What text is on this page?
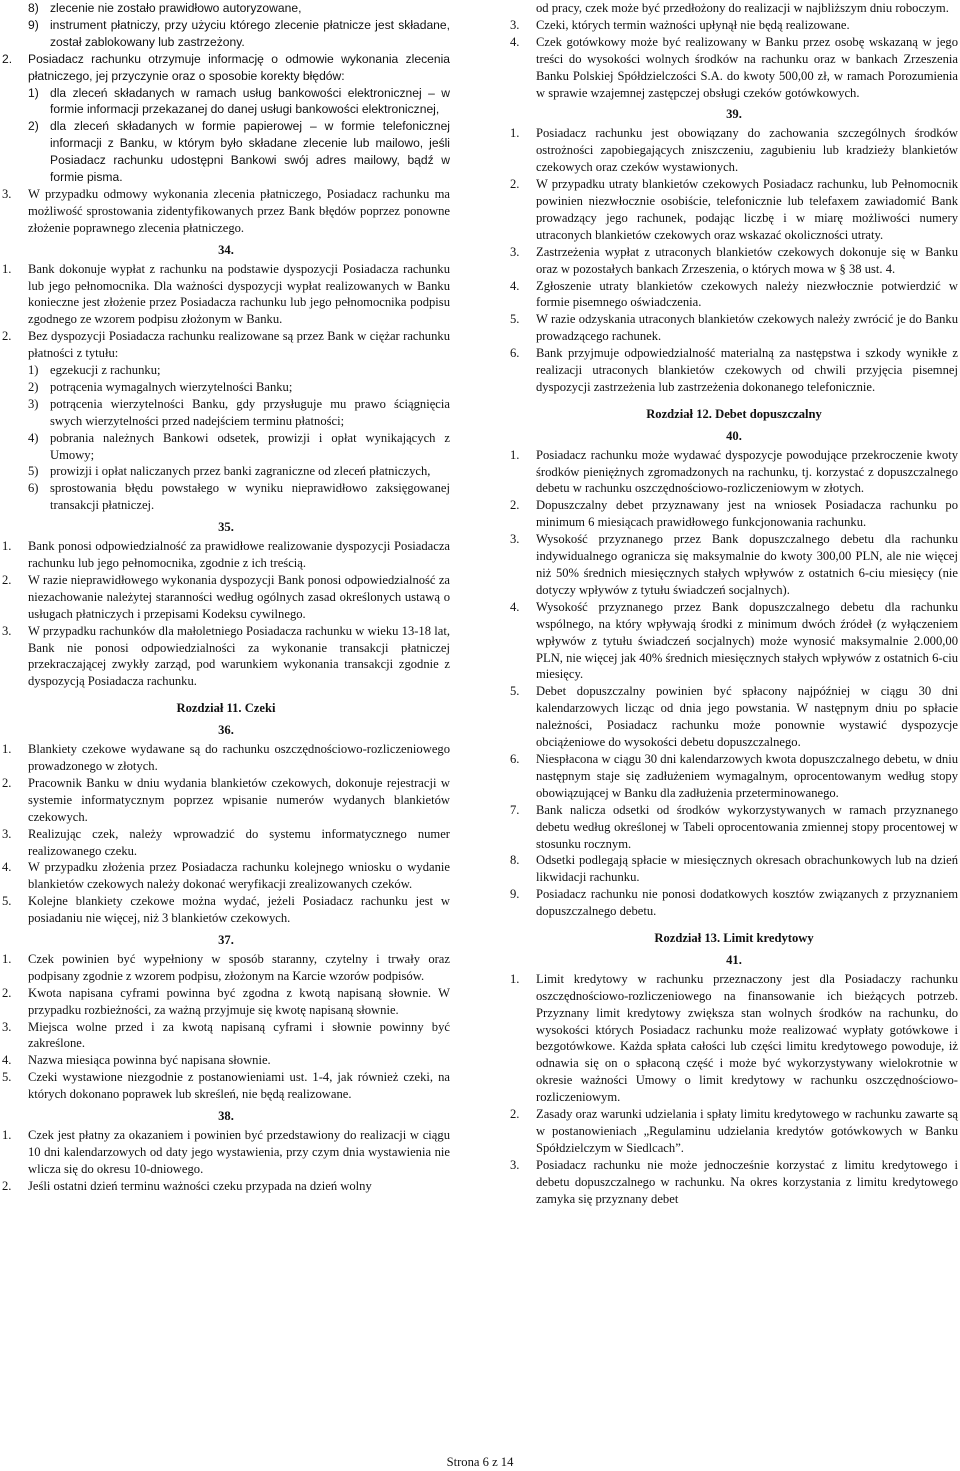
8) zlecenie nie zostało prawidłowo autoryzowane,
9) instrument płatniczy, przy użyciu którego zlecenie płatnicze jest składane, został zablokowany lub zastrzeżony.
2.	Posiadacz rachunku otrzymuje informację o odmowie wykonania zlecenia płatniczego, jej przyczynie oraz o sposobie korekty błędów:
1) dla zleceń składanych w ramach usług bankowości elektronicznej – w formie informacji przekazanej do danej usługi bankowości elektronicznej,
2) dla zleceń składanych w formie papierowej – w formie telefonicznej informacji z Banku, w którym było składane zlecenie lub mailowo, jeśli Posiadacz rachunku udostępni Bankowi swój adres mailowy, bądź w formie pisma.
3.	W przypadku odmowy wykonania zlecenia płatniczego, Posiadacz rachunku ma możliwość sprostowania zidentyfikowanych przez Bank błędów poprzez ponowne złożenie poprawnego zlecenia płatniczego.
34.
1.	Bank dokonuje wypłat z rachunku na podstawie dyspozycji Posiadacza rachunku lub jego pełnomocnika. Dla ważności dyspozycji wypłat realizowanych w Banku konieczne jest złożenie przez Posiadacza rachunku lub jego pełnomocnika podpisu zgodnego ze wzorem podpisu złożonym w Banku.
2.	Bez dyspozycji Posiadacza rachunku realizowane są przez Bank w ciężar rachunku płatności z tytułu:
1) egzekucji z rachunku;
2) potrącenia wymagalnych wierzytelności Banku;
3) potrącenia wierzytelności Banku, gdy przysługuje mu prawo ściągnięcia swych wierzytelności przed nadejściem terminu płatności;
4) pobrania należnych Bankowi odsetek, prowizji i opłat wynikających z Umowy;
5) prowizji i opłat naliczanych przez banki zagraniczne od zleceń płatniczych,
6) sprostowania błędu powstałego w wyniku nieprawidłowo zaksięgowanej transakcji płatniczej.
35.
1.	Bank ponosi odpowiedzialność za prawidłowe realizowanie dyspozycji Posiadacza rachunku lub jego pełnomocnika, zgodnie z ich treścią.
2.	W razie nieprawidłowego wykonania dyspozycji Bank ponosi odpowiedzialność za niezachowanie należytej staranności według ogólnych zasad określonych ustawą o usługach płatniczych i przepisami Kodeksu cywilnego.
3.	W przypadku rachunków dla małoletniego Posiadacza rachunku w wieku 13-18 lat, Bank nie ponosi odpowiedzialności za wykonanie transakcji płatniczej przekraczającej zwykły zarząd, pod warunkiem wykonania transakcji zgodnie z dyspozycją Posiadacza rachunku.
Rozdział 11. Czeki
36.
1.	Blankiety czekowe wydawane są do rachunku oszczędnościowo-rozliczeniowego prowadzonego w złotych.
2.	Pracownik Banku w dniu wydania blankietów czekowych, dokonuje rejestracji w systemie informatycznym poprzez wpisanie numerów wydanych blankietów czekowych.
3.	Realizując czek, należy wprowadzić do systemu informatycznego numer realizowanego czeku.
4.	W przypadku złożenia przez Posiadacza rachunku kolejnego wniosku o wydanie blankietów czekowych należy dokonać weryfikacji zrealizowanych czeków.
5.	Kolejne blankiety czekowe można wydać, jeżeli Posiadacz rachunku jest w posiadaniu nie więcej, niż 3 blankietów czekowych.
37.
1.	Czek powinien być wypełniony w sposób staranny, czytelny i trwały oraz podpisany zgodnie z wzorem podpisu, złożonym na Karcie wzorów podpisów.
2.	Kwota napisana cyframi powinna być zgodna z kwotą napisaną słownie. W przypadku rozbieżności, za ważną przyjmuje się kwotę napisaną słownie.
3.	Miejsca wolne przed i za kwotą napisaną cyframi i słownie powinny być zakreślone.
4.	Nazwa miesiąca powinna być napisana słownie.
5.	Czeki wystawione niezgodnie z postanowieniami ust. 1-4, jak również czeki, na których dokonano poprawek lub skreśleń, nie będą realizowane.
38.
1.	Czek jest płatny za okazaniem i powinien być przedstawiony do realizacji w ciągu 10 dni kalendarzowych od daty jego wystawienia, przy czym dnia wystawienia nie wlicza się do okresu 10-dniowego.
2.	Jeśli ostatni dzień terminu ważności czeku przypada na dzień wolny
od pracy, czek może być przedłożony do realizacji w najbliższym dniu roboczym.
3.	Czeki, których termin ważności upłynął nie będą realizowane.
4.	Czek gotówkowy może być realizowany w Banku przez osobę wskazaną w jego treści do wysokości wolnych środków na rachunku oraz w bankach Zrzeszenia Banku Polskiej Spółdzielczości S.A. do kwoty 500,00 zł, w ramach Porozumienia w sprawie wzajemnej zastępczej obsługi czeków gotówkowych.
39.
1.	Posiadacz rachunku jest obowiązany do zachowania szczególnych środków ostrożności zapobiegających zniszczeniu, zagubieniu lub kradzieży blankietów czekowych oraz czeków wystawionych.
2.	W przypadku utraty blankietów czekowych Posiadacz rachunku, lub Pełnomocnik powinien niezwłocznie osobiście, telefonicznie lub telefaxem zawiadomić Bank prowadzący jego rachunek, podając liczbę i w miarę możliwości numery utraconych blankietów czekowych oraz wskazać okoliczności utraty.
3.	Zastrzeżenia wypłat z utraconych blankietów czekowych dokonuje się w Banku oraz w pozostałych bankach Zrzeszenia, o których mowa w § 38 ust. 4.
4.	Zgłoszenie utraty blankietów czekowych należy niezwłocznie potwierdzić w formie pisemnego oświadczenia.
5.	W razie odzyskania utraconych blankietów czekowych należy zwrócić je do Banku prowadzącego rachunek.
6.	Bank przyjmuje odpowiedzialność materialną za następstwa i szkody wynikłe z realizacji utraconych blankietów czekowych od chwili przyjęcia pisemnej dyspozycji zastrzeżenia lub zastrzeżenia dokonanego telefonicznie.
Rozdział 12. Debet dopuszczalny
40.
1.	Posiadacz rachunku może wydawać dyspozycje powodujące przekroczenie kwoty środków pieniężnych zgromadzonych na rachunku, tj. korzystać z dopuszczalnego debetu w rachunku oszczędnościowo-rozliczeniowym w złotych.
2.	Dopuszczalny debet przyznawany jest na wniosek Posiadacza rachunku po minimum 6 miesiącach prawidłowego funkcjonowania rachunku.
3.	Wysokość przyznanego przez Bank dopuszczalnego debetu dla rachunku indywidualnego ogranicza się maksymalnie do kwoty 300,00 PLN, ale nie więcej niż 50% średnich miesięcznych stałych wpływów z ostatnich 6-ciu miesięcy (nie dotyczy wpływów z tytułu świadczeń socjalnych).
4.	Wysokość przyznanego przez Bank dopuszczalnego debetu dla rachunku wspólnego, na który wpływają środki z minimum dwóch źródeł (z wyłączeniem wpływów z tytułu świadczeń socjalnych) może wynosić maksymalnie 2.000,00 PLN, nie więcej jak 40% średnich miesięcznych stałych wpływów z ostatnich 6-ciu miesięcy.
5.	Debet dopuszczalny powinien być spłacony najpóźniej w ciągu 30 dni kalendarzowych licząc od dnia jego powstania. W następnym dniu po spłacie należności, Posiadacz rachunku może ponownie wystawić dyspozycje obciążeniowe do wysokości debetu dopuszczalnego.
6.	Niespłacona w ciągu 30 dni kalendarzowych kwota dopuszczalnego debetu, w dniu następnym staje się zadłużeniem wymagalnym, oprocentowanym według stopy obowiązującej w Banku dla zadłużenia przeterminowanego.
7.	Bank nalicza odsetki od środków wykorzystywanych w ramach przyznanego debetu według określonej w Tabeli oprocentowania zmiennej stopy procentowej w stosunku rocznym.
8.	Odsetki podlegają spłacie w miesięcznych okresach obrachunkowych lub na dzień likwidacji rachunku.
9.	Posiadacz rachunku nie ponosi dodatkowych kosztów związanych z przyznaniem dopuszczalnego debetu.
Rozdział 13. Limit kredytowy
41.
1.	Limit kredytowy w rachunku przeznaczony jest dla Posiadaczy rachunku oszczędnościowo-rozliczeniowego na finansowanie ich bieżących potrzeb. Przyznany limit kredytowy zwiększa stan wolnych środków na rachunku, do wysokości których Posiadacz rachunku może realizować wypłaty gotówkowe i bezgotówkowe. Każda spłata całości lub części limitu kredytowego powoduje, iż odnawia się on o spłaconą część i może być wykorzystywany wielokrotnie w okresie ważności Umowy o limit kredytowy w rachunku oszczędnościowo-rozliczeniowym.
2.	Zasady oraz warunki udzielania i spłaty limitu kredytowego w rachunku zawarte są w postanowieniach „Regulaminu udzielania kredytów gotówkowych w Banku Spółdzielczym w Siedlcach”.
3.	Posiadacz rachunku nie może jednocześnie korzystać z limitu kredytowego i debetu dopuszczalnego w rachunku. Na okres korzystania z limitu kredytowego zamyka się przyznany debet
Strona 6 z 14
